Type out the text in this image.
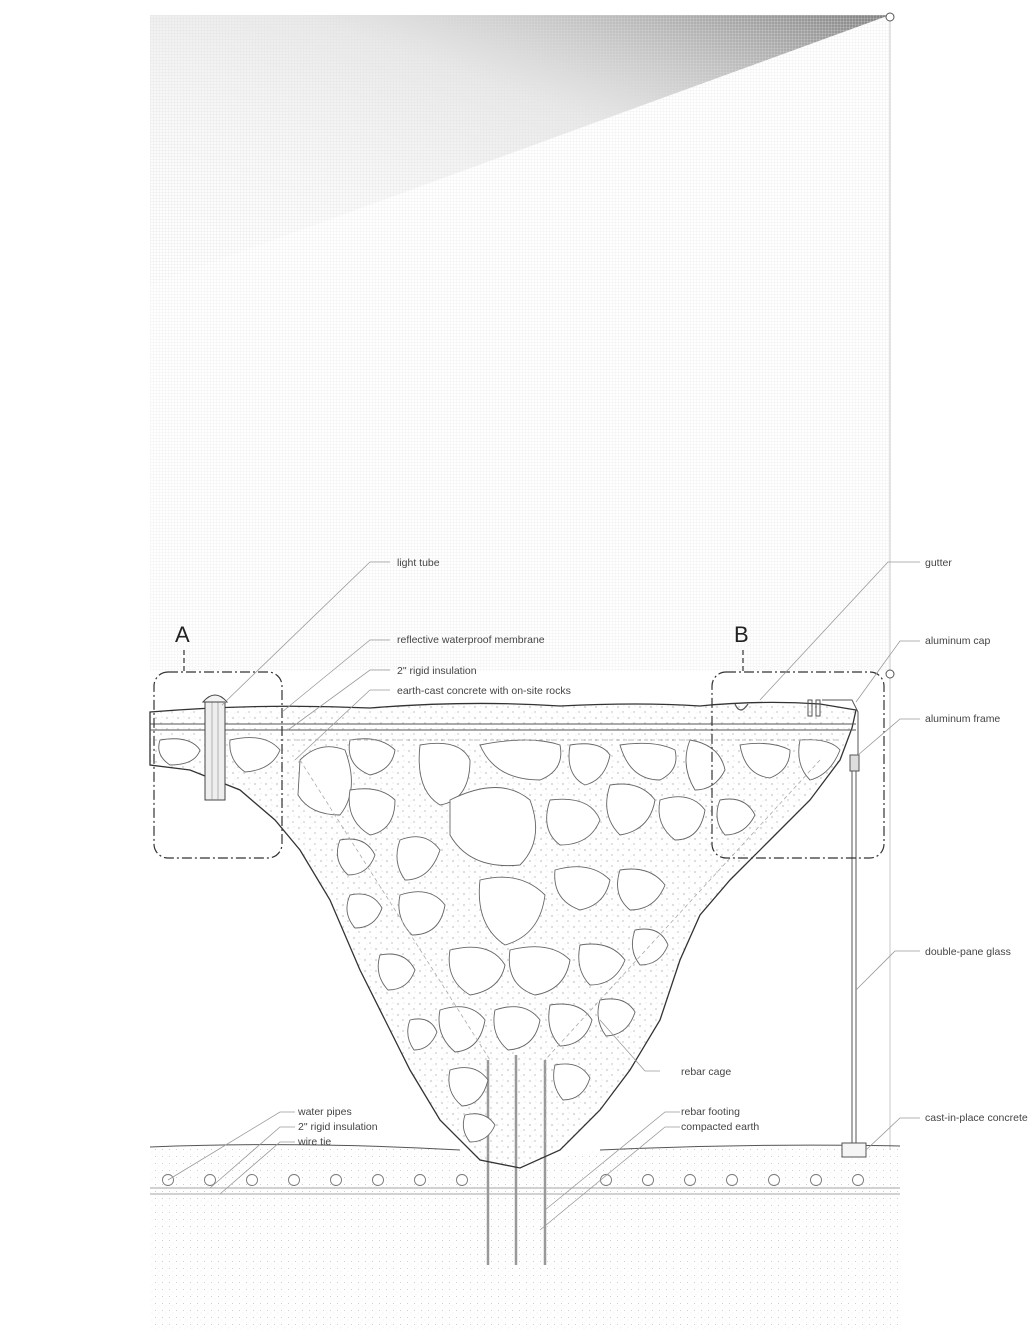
A	B
light tube
reflective waterproof membrane
2" rigid insulation
earth-cast concrete with on-site rocks
rebar cage
water pipes
2" rigid insulation
wire tie
rebar footing
compacted earth
gutter
aluminum cap
aluminum frame
double-pane glass
cast-in-place concrete
